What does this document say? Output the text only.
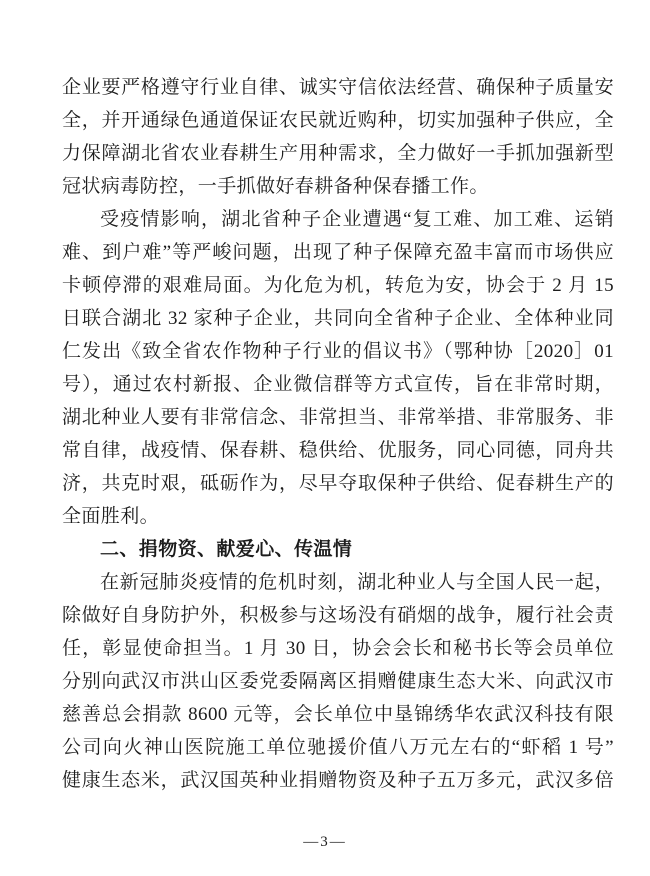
企业要严格遵守行业自律、诚实守信依法经营、确保种子质量安
全，并开通绿色通道保证农民就近购种，切实加强种子供应，全
力保障湖北省农业春耕生产用种需求，全力做好一手抓加强新型
冠状病毒防控，一手抓做好春耕备种保春播工作。
受疫情影响，湖北省种子企业遭遇“复工难、加工难、运销
难、到户难”等严峻问题，出现了种子保障充盈丰富而市场供应
卡顿停滞的艰难局面。为化危为机，转危为安，协会于 2 月 15
日联合湖北 32 家种子企业，共同向全省种子企业、全体种业同
仁发出《致全省农作物种子行业的倡议书》（鄂种协［2020］01
号），通过农村新报、企业微信群等方式宣传，旨在非常时期，
湖北种业人要有非常信念、非常担当、非常举措、非常服务、非
常自律，战疫情、保春耕、稳供给、优服务，同心同德，同舟共
济，共克时艰，砥砺作为，尽早夺取保种子供给、促春耕生产的
全面胜利。
二、捐物资、献爱心、传温情
在新冠肺炎疫情的危机时刻，湖北种业人与全国人民一起，
除做好自身防护外，积极参与这场没有硝烟的战争，履行社会责
任，彰显使命担当。1 月 30 日，协会会长和秘书长等会员单位
分别向武汉市洪山区委党委隔离区捐赠健康生态大米、向武汉市
慈善总会捐款 8600 元等，会长单位中垦锦绣华农武汉科技有限
公司向火神山医院施工单位驰援价值八万元左右的“虾稻 1 号”
健康生态米，武汉国英种业捐赠物资及种子五万多元，武汉多倍
—3—
